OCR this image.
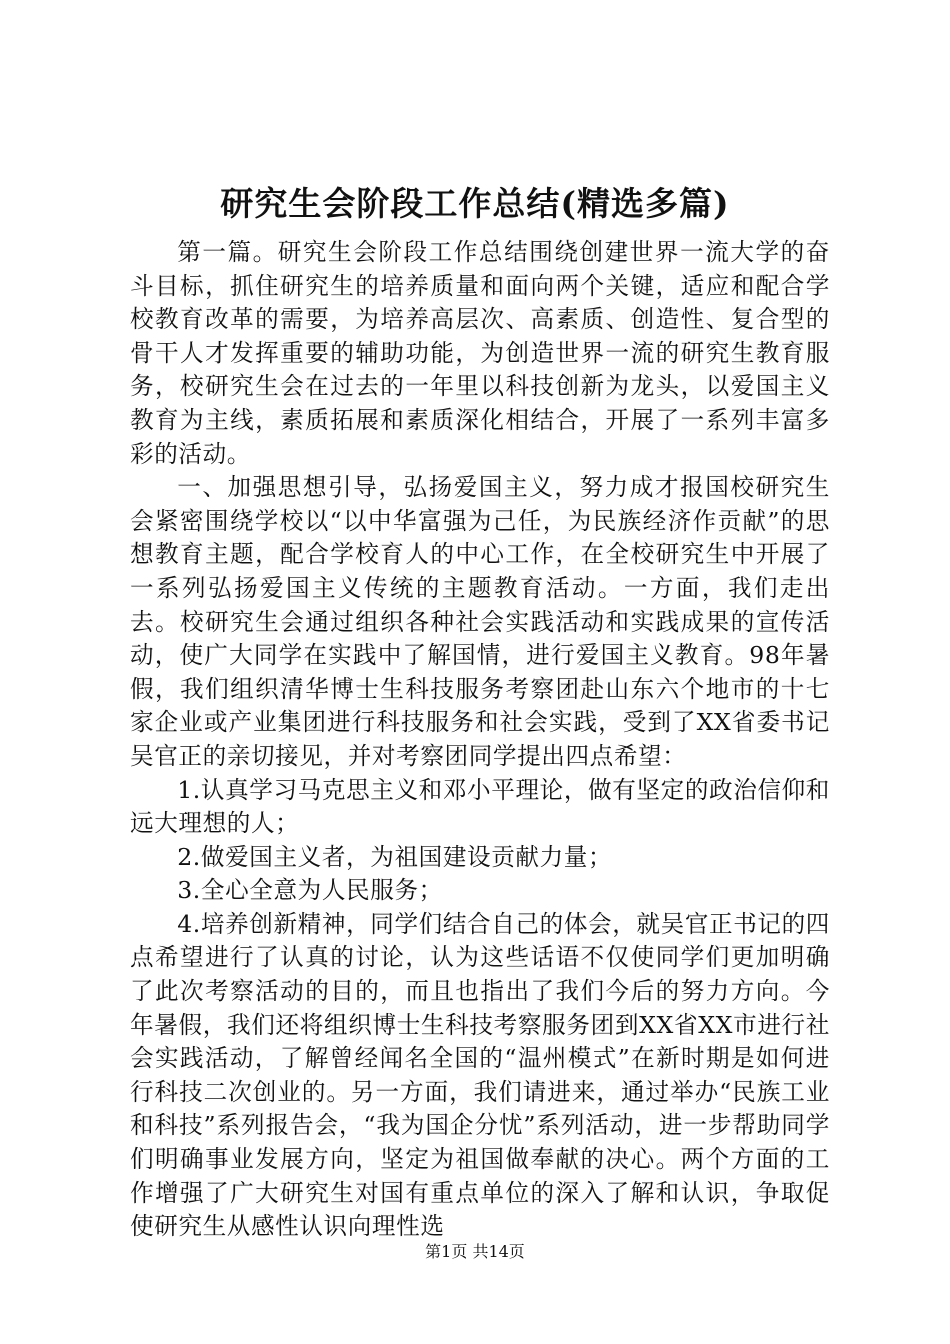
研究生会阶段工作总结(精选多篇)

第一篇。研究生会阶段工作总结围绕创建世界一流大学的奋斗目标，抓住研究生的培养质量和面向两个关键，适应和配合学校教育改革的需要，为培养高层次、高素质、创造性、复合型的骨干人才发挥重要的辅助功能，为创造世界一流的研究生教育服务，校研究生会在过去的一年里以科技创新为龙头，以爱国主义教育为主线，素质拓展和素质深化相结合，开展了一系列丰富多彩的活动。

一、加强思想引导，弘扬爱国主义，努力成才报国校研究生会紧密围绕学校以“以中华富强为己任，为民族经济作贡献”的思想教育主题，配合学校育人的中心工作，在全校研究生中开展了一系列弘扬爱国主义传统的主题教育活动。一方面，我们走出去。校研究生会通过组织各种社会实践活动和实践成果的宣传活动，使广大同学在实践中了解国情，进行爱国主义教育。98年暑假，我们组织清华博士生科技服务考察团赴山东六个地市的十七家企业或产业集团进行科技服务和社会实践，受到了XX省委书记吴官正的亲切接见，并对考察团同学提出四点希望：

1.认真学习马克思主义和邓小平理论，做有坚定的政治信仰和远大理想的人；

2.做爱国主义者，为祖国建设贡献力量；

3.全心全意为人民服务；

4.培养创新精神，同学们结合自己的体会，就吴官正书记的四点希望进行了认真的讨论，认为这些话语不仅使同学们更加明确了此次考察活动的目的，而且也指出了我们今后的努力方向。今年暑假，我们还将组织博士生科技考察服务团到XX省XX市进行社会实践活动，了解曾经闻名全国的“温州模式”在新时期是如何进行科技二次创业的。另一方面，我们请进来，通过举办“民族工业和科技”系列报告会，“我为国企分忧”系列活动，进一步帮助同学们明确事业发展方向，坚定为祖国做奉献的决心。两个方面的工作增强了广大研究生对国有重点单位的深入了解和认识，争取促使研究生从感性认识向理性选

第1页 共14页
